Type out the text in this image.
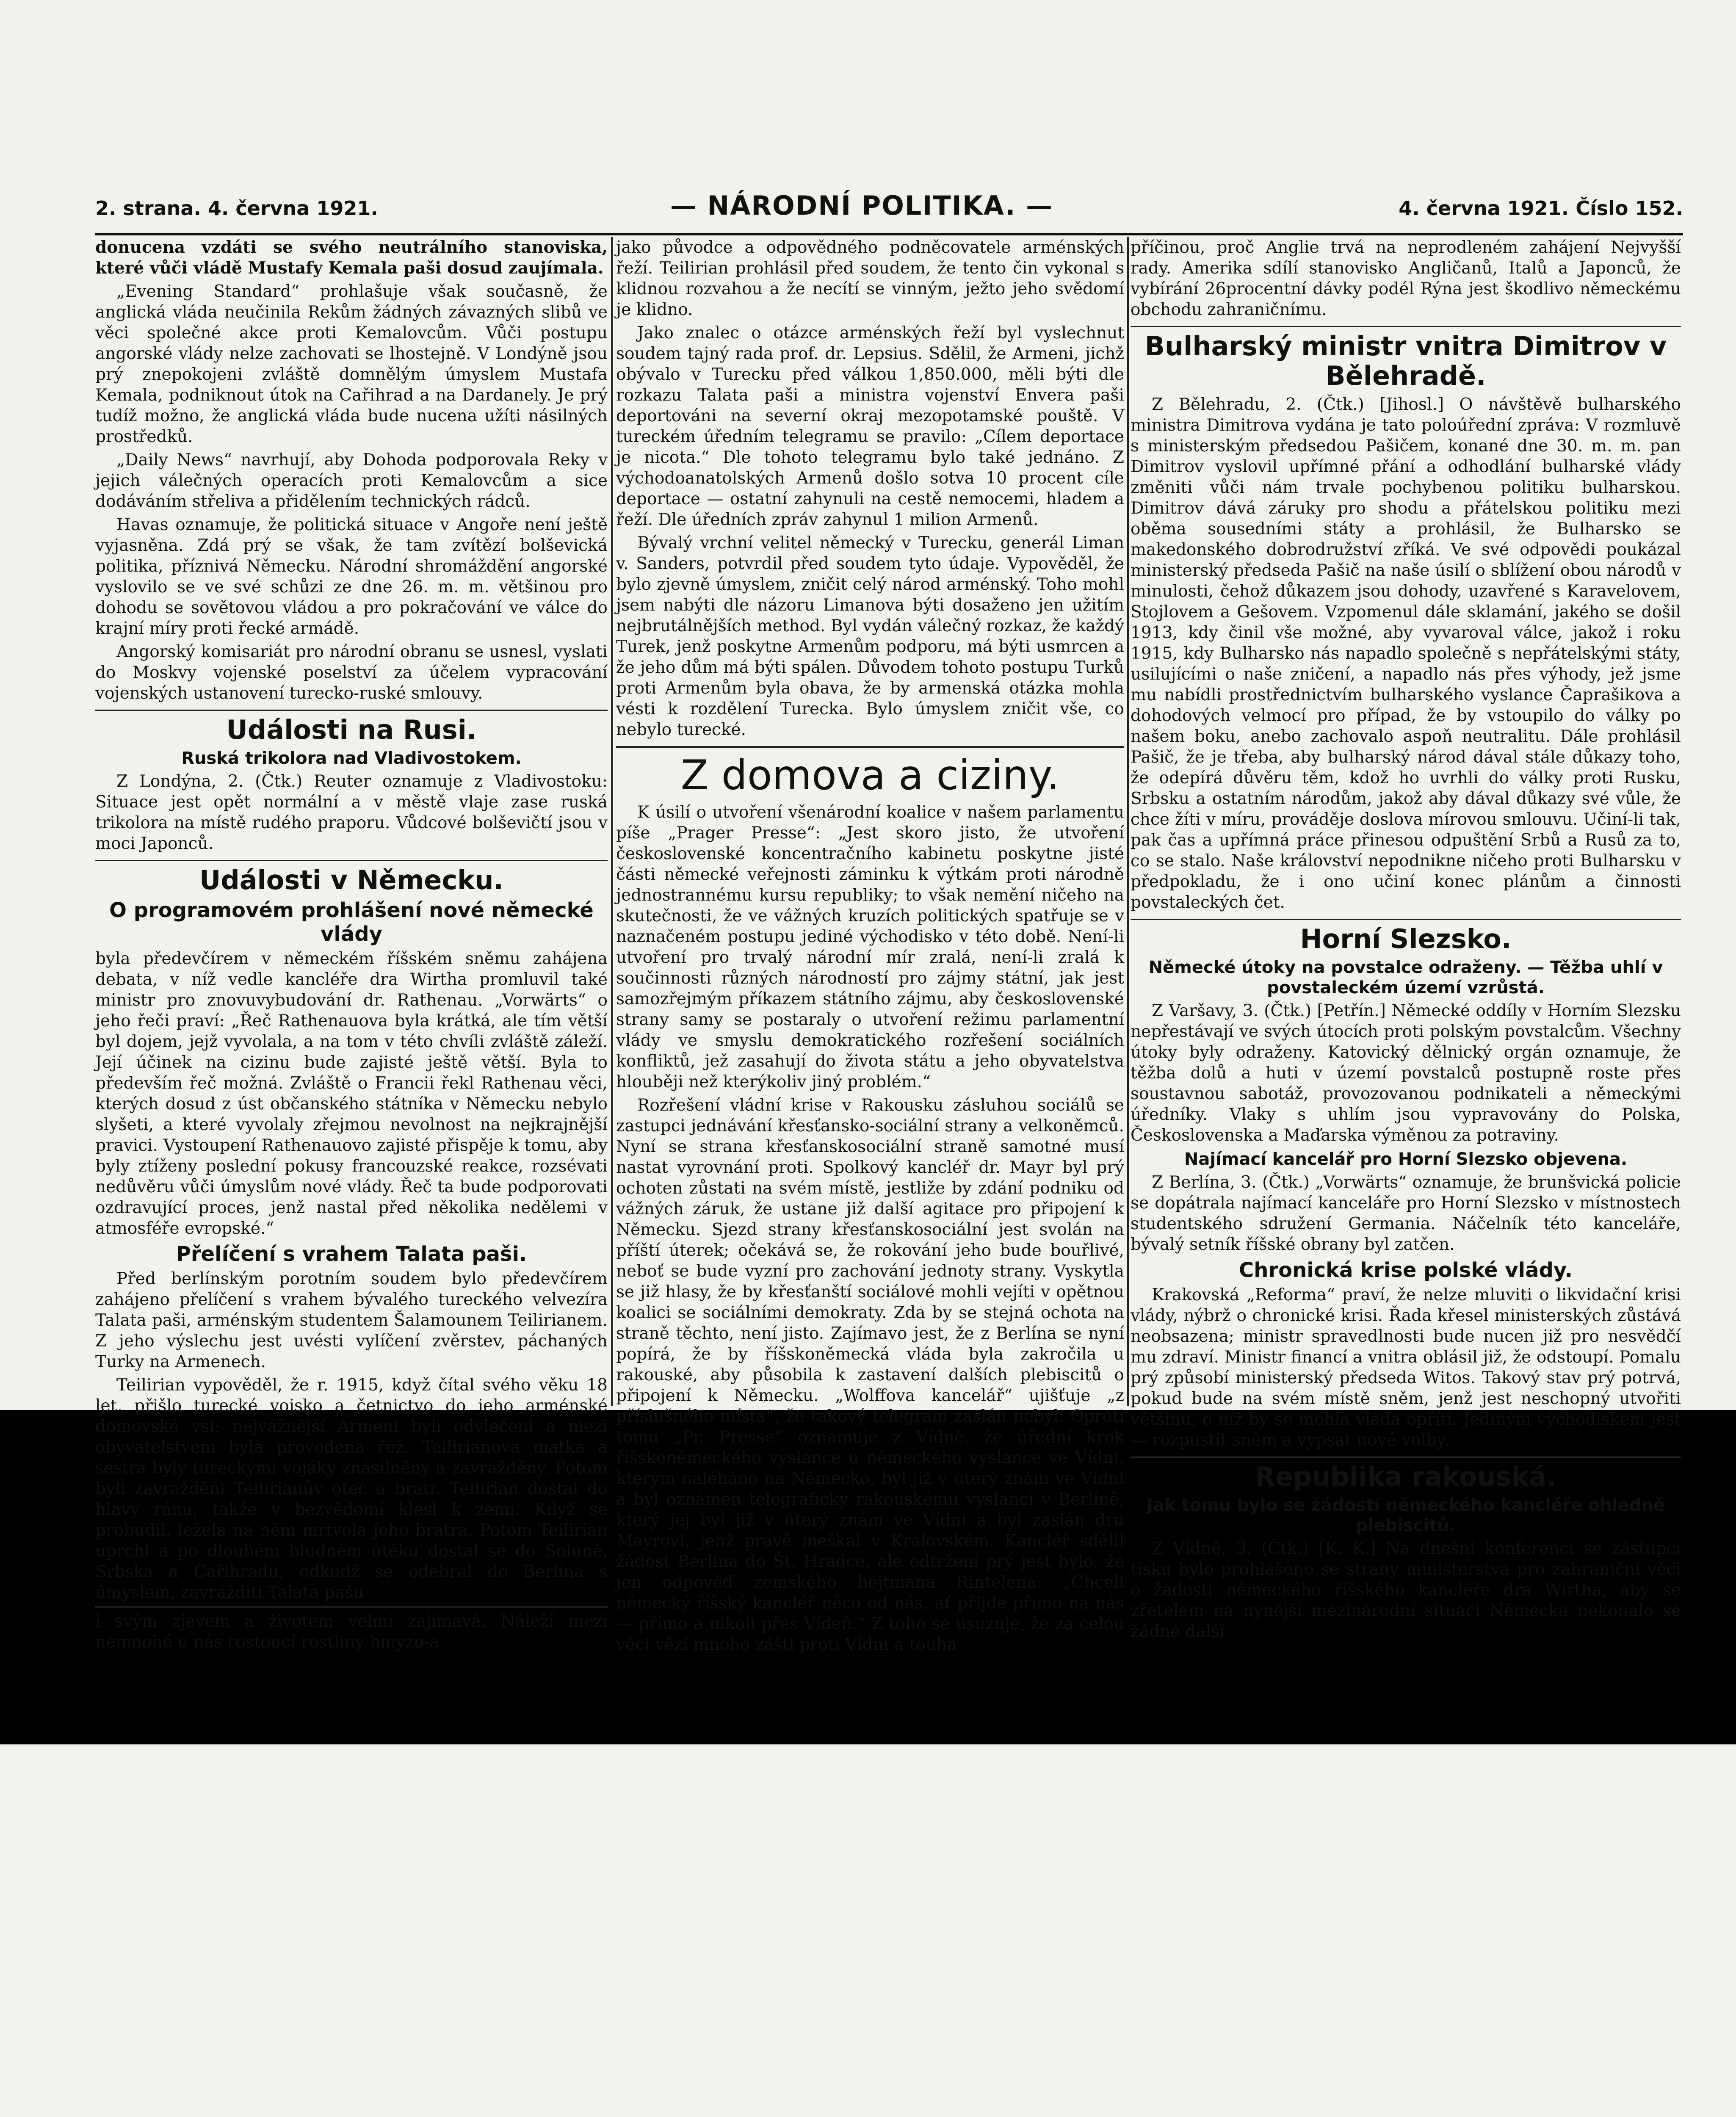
2. strana. 4. června 1921.	— NÁRODNÍ POLITIKA. —	4. června 1921. Číslo 152.

donucena vzdáti se svého neutrálního stanoviska, které vůči vládě Mustafy Kemala paši dosud zaujímala.

„Evening Standard“ prohlašuje však současně, že anglická vláda neučinila Rekům žádných závazných slibů ve věci společné akce proti Kemalovcům. Vůči postupu angorské vlády nelze zachovati se lhostejně. V Londýně jsou prý znepokojeni zvláště domnělým úmyslem Mustafa Kemala, podniknout útok na Cařihrad a na Dardanely. Je prý tudíž možno, že anglická vláda bude nucena užíti násilných prostředků.

„Daily News“ navrhují, aby Dohoda podporovala Reky v jejich válečných operacích proti Kemalovcům a sice dodáváním střeliva a přidělením technických rádců.

Havas oznamuje, že politická situace v Angoře není ještě vyjasněna. Zdá prý se však, že tam zvítězí bolševická politika, příznivá Německu. Národní shromáždění angorské vyslovilo se ve své schůzi ze dne 26. m. m. většinou pro dohodu se sovětovou vládou a pro pokračování ve válce do krajní míry proti řecké armádě.

Angorský komisariát pro národní obranu se usnesl, vyslati do Moskvy vojenské poselství za účelem vypracování vojenských ustanovení turecko-ruské smlouvy.

Události na Rusi.
Ruská trikolora nad Vladivostokem.

Z Londýna, 2. (Čtk.) Reuter oznamuje z Vladivostoku: Situace jest opět normální a v městě vlaje zase ruská trikolora na místě rudého praporu. Vůdcové bolševičtí jsou v moci Japonců.

Události v Německu.
O programovém prohlášení nové německé vlády

byla předevčírem v německém říšském sněmu zahájena debata, v níž vedle kancléře dra Wirtha promluvil také ministr pro znovuvybudování dr. Rathenau. „Vorwärts“ o jeho řeči praví: „Řeč Rathenauova byla krátká, ale tím větší byl dojem, jejž vyvolala, a na tom v této chvíli zvláště záleží. Její účinek na cizinu bude zajisté ještě větší. Byla to především řeč možná. Zvláště o Francii řekl Rathenau věci, kterých dosud z úst občanského státníka v Německu nebylo slyšeti, a které vyvolaly zřejmou nevolnost na nejkrajnější pravici. Vystoupení Rathenauovo zajisté přispěje k tomu, aby byly ztíženy poslední pokusy francouzské reakce, rozsévati nedůvěru vůči úmyslům nové vlády. Řeč ta bude podporovati ozdravující proces, jenž nastal před několika nedělemi v atmosféře evropské.“

Přelíčení s vrahem Talata paši.

Před berlínským porotním soudem bylo předevčírem zahájeno přelíčení s vrahem bývalého tureckého velvezíra Talata paši, arménským studentem Šalamounem Teilirianem. Z jeho výslechu jest uvésti vylíčení zvěrstev, páchaných Turky na Armenech.

Teilirian vypověděl, že r. 1915, když čítal svého věku 18 let, přišlo turecké vojsko a četnictvo do jeho arménské domovské vsi; nejvážnější Armeni byli odvlečeni a mezi obyvatelstvem byla provedena řež. Teilirianova matka a sestra byly tureckými vojáky znásilněny a zavražděny. Potom byli zavražděni Teilirianův otec a bratr. Teilirian dostal do hlavy ránu, takže v bezvědomí klesl k zemi. Když se probudil, ležela na něm mrtvola jeho bratra. Potom Teilirian uprchl a po dlouhém bludném útěku dostal se do Soluně, Srbska a Cařihradu, odkudž se odebral do Berlína s úmyslem, zavražditi Talata pašu

i svým zjevem a životem velmi zajímavá. Náleží mezi nemnohé u nás rostoucí rostliny hmyzo-a

jako původce a odpovědného podněcovatele arménských řeží. Teilirian prohlásil před soudem, že tento čin vykonal s klidnou rozvahou a že necítí se vinným, ježto jeho svědomí je klidno.

Jako znalec o otázce arménských řeží byl vyslechnut soudem tajný rada prof. dr. Lepsius. Sdělil, že Armeni, jichž obývalo v Turecku před válkou 1,850.000, měli býti dle rozkazu Talata paši a ministra vojenství Envera paši deportováni na severní okraj mezopotamské pouště. V tureckém úředním telegramu se pravilo: „Cílem deportace je nicota.“ Dle tohoto telegramu bylo také jednáno. Z východoanatolských Armenů došlo sotva 10 procent cíle deportace — ostatní zahynuli na cestě nemocemi, hladem a řeží. Dle úředních zpráv zahynul 1 milion Armenů.

Bývalý vrchní velitel německý v Turecku, generál Liman v. Sanders, potvrdil před soudem tyto údaje. Vypověděl, že bylo zjevně úmyslem, zničit celý národ arménský. Toho mohl jsem nabýti dle názoru Limanova býti dosaženo jen užitím nejbrutálnějších method. Byl vydán válečný rozkaz, že každý Turek, jenž poskytne Armenům podporu, má býti usmrcen a že jeho dům má býti spálen. Důvodem tohoto postupu Turků proti Armenům byla obava, že by armenská otázka mohla vésti k rozdělení Turecka. Bylo úmyslem zničit vše, co nebylo turecké.

Z domova a ciziny.

K úsilí o utvoření všenárodní koalice v našem parlamentu píše „Prager Presse“: „Jest skoro jisto, že utvoření československé koncentračního kabinetu poskytne jisté části německé veřejnosti záminku k výtkám proti národně jednostrannému kursu republiky; to však nemění ničeho na skutečnosti, že ve vážných kruzích politických spatřuje se v naznačeném postupu jediné východisko v této době. Není-li utvoření pro trvalý národní mír zralá, není-li zralá k součinnosti různých národností pro zájmy státní, jak jest samozřejmým příkazem státního zájmu, aby československé strany samy se postaraly o utvoření režimu parlamentní vlády ve smyslu demokratického rozřešení sociálních konfliktů, jež zasahují do života státu a jeho obyvatelstva hlouběji než kterýkoliv jiný problém.“

Rozřešení vládní krise v Rakousku zásluhou sociálů se zastupci jednávání křesťansko-sociální strany a velkoněmců. Nyní se strana křesťanskosociální straně samotné musí nastat vyrovnání proti. Spolkový kancléř dr. Mayr byl prý ochoten zůstati na svém místě, jestliže by zdání podniku od vážných záruk, že ustane již další agitace pro připojení k Německu. Sjezd strany křesťanskosociální jest svolán na příští úterek; očekává se, že rokování jeho bude bouřlivé, neboť se bude vyzní pro zachování jednoty strany. Vyskytla se již hlasy, že by křesťanští sociálové mohli vejíti v opětnou koalici se sociálními demokraty. Zda by se stejná ochota na straně těchto, není jisto. Zajímavo jest, že z Berlína se nyní popírá, že by říšskoněmecká vláda byla zakročila u rakouské, aby působila k zastavení dalších plebiscitů o připojení k Německu. „Wolffova kancelář“ ujišťuje „z příslušného místa“, že takový telegram zaslán nebyl. Oproti tomu „Pr. Presse“ oznamuje z Vídně, že úřední krok říšskoněmeckého vyslance u německého vyslance ve Vídni, kterým naléháno na Německo, byl již v úterý znám ve Vídni a byl oznámen telegraficky rakouskému vyslanci v Berlíně, který jej byl již v úterý znám ve Vídni a byl zaslán dru Mayrovi, jenž právě meškal v Kralovském. Kancléř sdělil žádost Berlína do Št. Hradce, ale odtržení prý jest bylo, že jen odpověď zemského hejtmana Rintelena: „Chceli německý říšský kancléř něco od nás, ať přijde přímo na nás — přímo a nikoli přes Vídeň.“ Z toho se usuzuje, že za celou věcí vězí mnoho zášti proti Vídni a touha

příčinou, proč Anglie trvá na neprodleném zahájení Nejvyšší rady. Amerika sdílí stanovisko Angličanů, Italů a Japonců, že vybírání 26procentní dávky podél Rýna jest škodlivo německému obchodu zahraničnímu.

Bulharský ministr vnitra Dimitrov v Bělehradě.

Z Bělehradu, 2. (Čtk.) [Jihosl.] O návštěvě bulharského ministra Dimitrova vydána je tato poloúřední zpráva: V rozmluvě s ministerským předsedou Pašičem, konané dne 30. m. m. pan Dimitrov vyslovil upřímné přání a odhodlání bulharské vlády změniti vůči nám trvale pochybenou politiku bulharskou. Dimitrov dává záruky pro shodu a přátelskou politiku mezi oběma sousedními státy a prohlásil, že Bulharsko se makedonského dobrodružství zříká. Ve své odpovědi poukázal ministerský předseda Pašič na naše úsilí o sblížení obou národů v minulosti, čehož důkazem jsou dohody, uzavřené s Karavelovem, Stojlovem a Gešovem. Vzpomenul dále sklamání, jakého se došil 1913, kdy činil vše možné, aby vyvaroval válce, jakož i roku 1915, kdy Bulharsko nás napadlo společně s nepřátelskými státy, usilujícími o naše zničení, a napadlo nás přes výhody, jež jsme mu nabídli prostřednictvím bulharského vyslance Čaprašikova a dohodových velmocí pro případ, že by vstoupilo do války po našem boku, anebo zachovalo aspoň neutralitu. Dále prohlásil Pašič, že je třeba, aby bulharský národ dával stále důkazy toho, že odepírá důvěru těm, kdož ho uvrhli do války proti Rusku, Srbsku a ostatním národům, jakož aby dával důkazy své vůle, že chce žíti v míru, prováděje doslova mírovou smlouvu. Učiní-li tak, pak čas a upřímná práce přinesou odpuštění Srbů a Rusů za to, co se stalo. Naše království nepodnikne ničeho proti Bulharsku v předpokladu, že i ono učiní konec plánům a činnosti povstaleckých čet.

Horní Slezsko.
Německé útoky na povstalce odraženy. — Těžba uhlí v povstaleckém území vzrůstá.

Z Varšavy, 3. (Čtk.) [Petřín.] Německé oddíly v Horním Slezsku nepřestávají ve svých útocích proti polským povstalcům. Všechny útoky byly odraženy. Katovický dělnický orgán oznamuje, že těžba dolů a huti v území povstalců postupně roste přes soustavnou sabotáž, provozovanou podnikateli a německými úředníky. Vlaky s uhlím jsou vypravovány do Polska, Československa a Maďarska výměnou za potraviny.

Najímací kancelář pro Horní Slezsko objevena.

Z Berlína, 3. (Čtk.) „Vorwärts“ oznamuje, že brunšvická policie se dopátrala najímací kanceláře pro Horní Slezsko v místnostech studentského sdružení Germania. Náčelník této kanceláře, bývalý setník říšské obrany byl zatčen.

Chronická krise polské vlády.

Krakovská „Reforma“ praví, že nelze mluviti o likvidační krisi vlády, nýbrž o chronické krisi. Řada křesel ministerských zůstává neobsazena; ministr spravedlnosti bude nucen již pro nesvědčí mu zdraví. Ministr financí a vnitra oblásil již, že odstoupí. Pomalu prý způsobí ministerský předseda Witos. Takový stav prý potrvá, pokud bude na svém místě sněm, jenž jest neschopný utvořiti většinu, o níž by se mohla vláda opříti. Jediným východiskem jest — rozpustit sněm a vypsat nové volby.

Republika rakouská.
Jak tomu bylo se žádostí německého kancléře ohledně plebiscitů.

Z Vídně, 3. (Čtk.) [K. K.] Na dnešní konferenci se zástupci tisku bylo prohlášeno se strany ministerstva pro zahraniční věci o žádosti německého říšského kancléře dra Wirtha, aby se zřetelem na nynější mezinárodní situaci Německa nekonalo se žádné další
